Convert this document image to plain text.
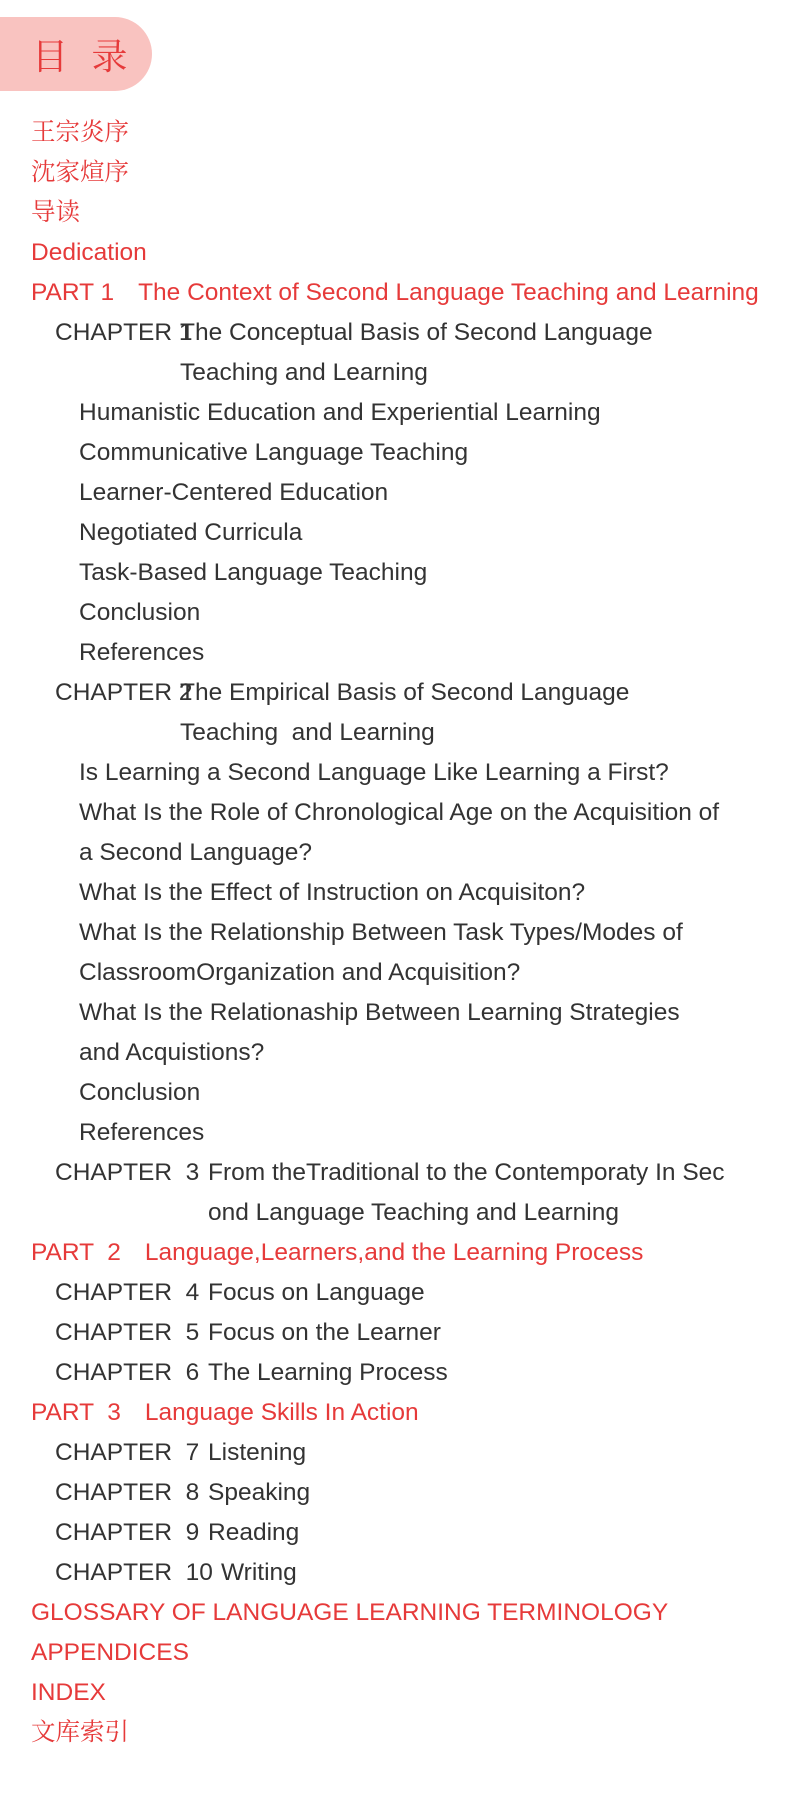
目 录
王宗炎序
沈家煊序
导读
Dedication
PART 1 The Context of Second Language Teaching and Learning
CHAPTER 1
The Conceptual Basis of Second Language
Teaching and Learning
Humanistic Education and Experiential Learning
Communicative Language Teaching
Learner-Centered Education
Negotiated Curricula
Task-Based Language Teaching
Conclusion
References
CHAPTER 2
The Empirical Basis of Second Language
Teaching  and Learning
Is Learning a Second Language Like Learning a First?
What Is the Role of Chronological Age on the Acquisition of
a Second Language?
What Is the Effect of Instruction on Acquisiton?
What Is the Relationship Between Task Types/Modes of
ClassroomOrganization and Acquisition?
What Is the Relationaship Between Learning Strategies
and Acquistions?
Conclusion
References
CHAPTER  3 From theTraditional to the Contemporaty In Sec
ond Language Teaching and Learning
PART  2 Language,Learners,and the Learning Process
CHAPTER  4 Focus on Language
CHAPTER  5 Focus on the Learner
CHAPTER  6 The Learning Process
PART  3 Language Skills In Action
CHAPTER  7 Listening
CHAPTER  8 Speaking
CHAPTER  9 Reading
CHAPTER  10 Writing
GLOSSARY OF LANGUAGE LEARNING TERMINOLOGY
APPENDICES
INDEX
文库索引
